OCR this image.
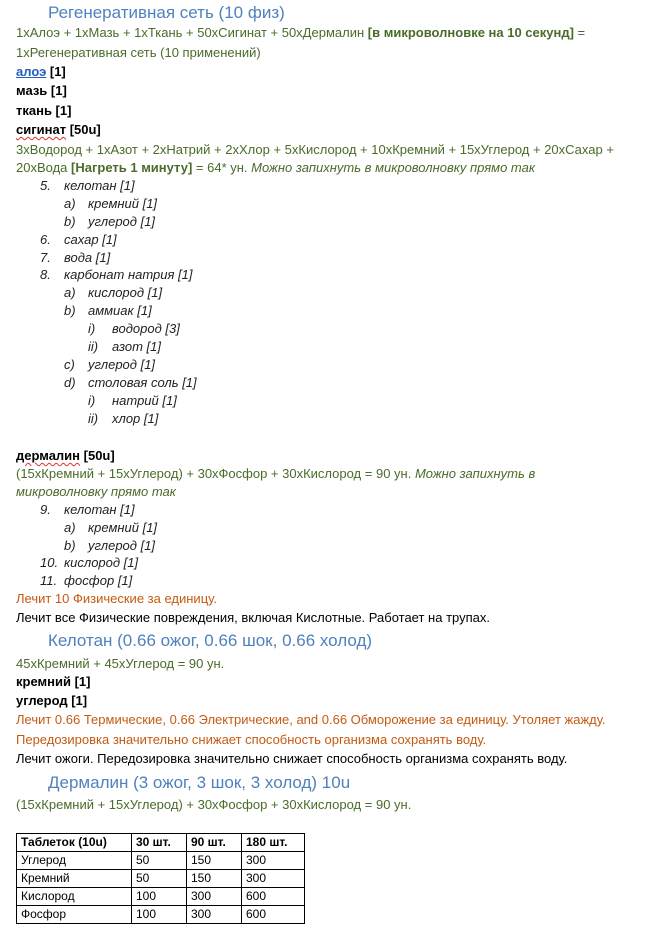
Регенеративная сеть (10 физ)
1xАлоэ + 1xМазь + 1xТкань + 50xСигинат + 50xДермалин [в микроволновке на 10 секунд] =
1xРегенеративная сеть (10 применений)
алоэ [1]
мазь [1]
ткань [1]
сигинат [50u]
3xВодород + 1xАзот + 2xНатрий + 2xХлор + 5xКислород + 10xКремний + 15xУглерод + 20xСахар +
20xВода [Нагреть 1 минуту] = 64* ун. Можно запихнуть в микроволновку прямо так
5. келотан [1]
a) кремний [1]
b) углерод [1]
6. сахар [1]
7. вода [1]
8. карбонат натрия [1]
a) кислород [1]
b) аммиак [1]
i) водород [3]
ii) азот [1]
c) углерод [1]
d) столовая соль [1]
i) натрий [1]
ii) хлор [1]
дермалин [50u]
(15xКремний + 15xУглерод) + 30xФосфор + 30xКислород = 90 ун. Можно запихнуть в
микроволновку прямо так
9. келотан [1]
a) кремний [1]
b) углерод [1]
10. кислород [1]
11. фосфор [1]
Лечит 10 Физические за единицу.
Лечит все Физические повреждения, включая Кислотные. Работает на трупах.
Келотан (0.66 ожог, 0.66 шок, 0.66 холод)
45xКремний + 45xУглерод = 90 ун.
кремний [1]
углерод [1]
Лечит 0.66 Термические, 0.66 Электрические, and 0.66 Обморожение за единицу. Утоляет жажду.
Передозировка значительно снижает способность организма сохранять воду.
Лечит ожоги. Передозировка значительно снижает способность организма сохранять воду.
Дермалин (3 ожог, 3 шок, 3 холод) 10u
(15xКремний + 15xУглерод) + 30xФосфор + 30xКислород = 90 ун.
Таблеток (10u)	30 шт.	90 шт.	180 шт.
Углерод	50	150	300
Кремний	50	150	300
Кислород	100	300	600
Фосфор	100	300	600
